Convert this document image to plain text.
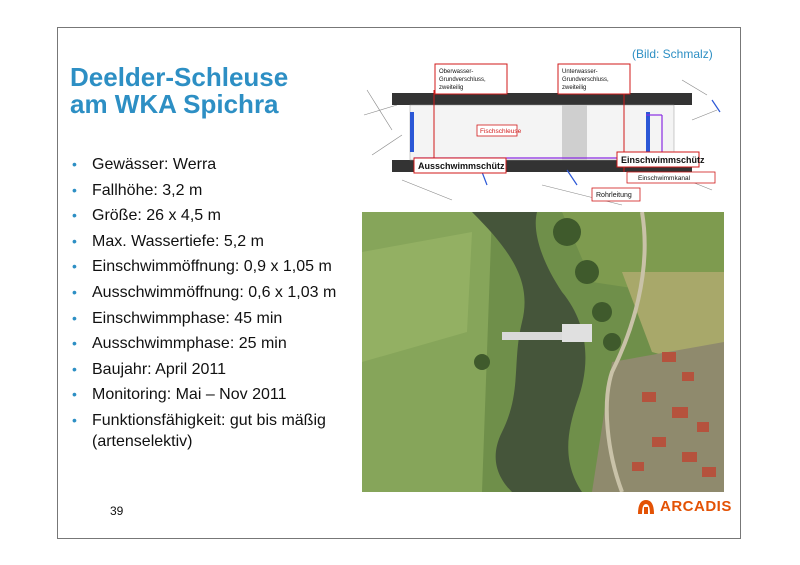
Deelder-Schleuse
am WKA Spichra
(Bild: Schmalz)
• Gewässer: Werra
• Fallhöhe: 3,2 m
• Größe: 26 x 4,5 m
• Max. Wassertiefe: 5,2 m
• Einschwimmöffnung: 0,9 x 1,05 m
• Ausschwimmöffnung: 0,6 x 1,03 m
• Einschwimmphase: 45 min
• Ausschwimmphase: 25 min
• Baujahr: April 2011
• Monitoring: Mai – Nov 2011
• Funktionsfähigkeit: gut bis mäßig
(artenselektiv)
Oberwasser-
Grundverschluss,
zweiteilig
Unterwasser-
Grundverschluss,
zweiteilig
Fischschleuse
Ausschwimmschütz
Einschwimmschütz
Einschwimmkanal
Rohrleitung
39	ARCADIS
